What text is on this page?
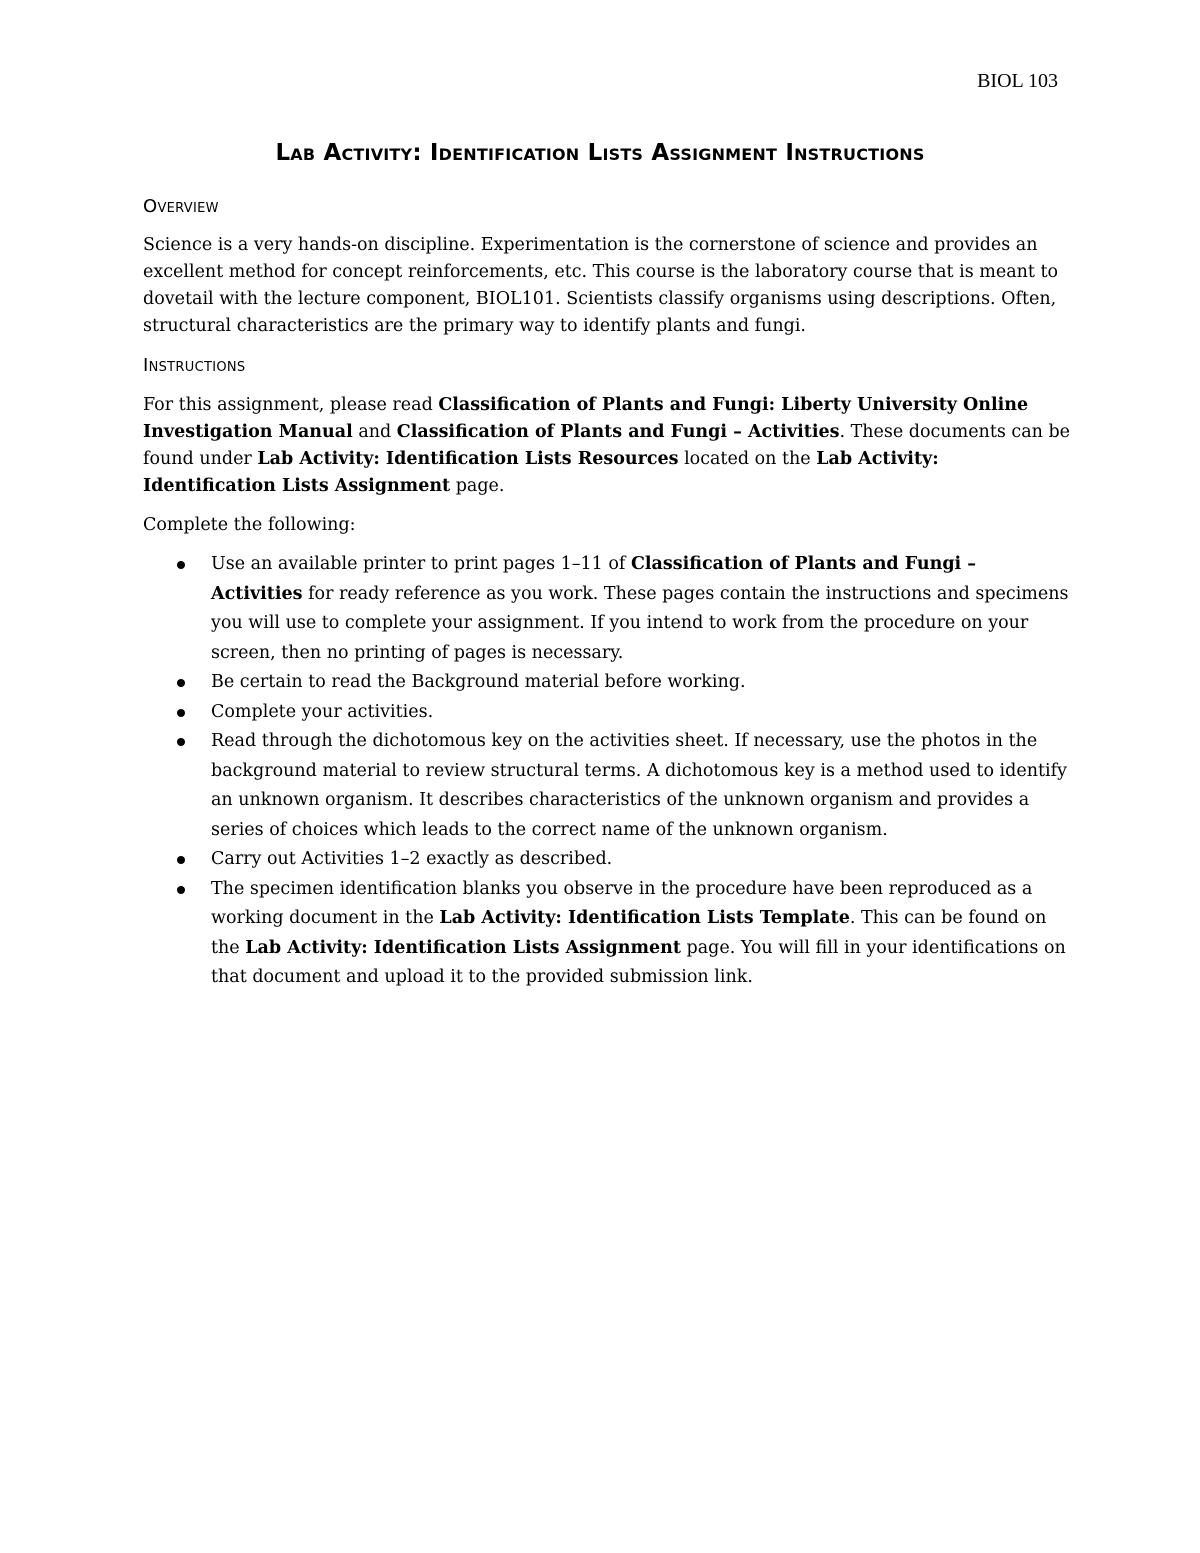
BIOL 103
Lab Activity: Identification Lists Assignment Instructions
Overview
Science is a very hands-on discipline. Experimentation is the cornerstone of science and provides an excellent method for concept reinforcements, etc. This course is the laboratory course that is meant to dovetail with the lecture component, BIOL101. Scientists classify organisms using descriptions. Often, structural characteristics are the primary way to identify plants and fungi.
Instructions
For this assignment, please read Classification of Plants and Fungi: Liberty University Online Investigation Manual and Classification of Plants and Fungi – Activities. These documents can be found under Lab Activity: Identification Lists Resources located on the Lab Activity: Identification Lists Assignment page.
Complete the following:
Use an available printer to print pages 1–11 of Classification of Plants and Fungi – Activities for ready reference as you work. These pages contain the instructions and specimens you will use to complete your assignment. If you intend to work from the procedure on your screen, then no printing of pages is necessary.
Be certain to read the Background material before working.
Complete your activities.
Read through the dichotomous key on the activities sheet. If necessary, use the photos in the background material to review structural terms. A dichotomous key is a method used to identify an unknown organism. It describes characteristics of the unknown organism and provides a series of choices which leads to the correct name of the unknown organism.
Carry out Activities 1–2 exactly as described.
The specimen identification blanks you observe in the procedure have been reproduced as a working document in the Lab Activity: Identification Lists Template. This can be found on the Lab Activity: Identification Lists Assignment page. You will fill in your identifications on that document and upload it to the provided submission link.
